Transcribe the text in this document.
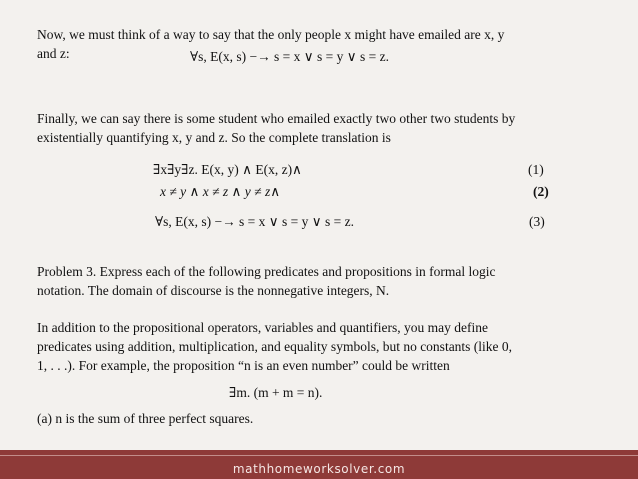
Now, we must think of a way to say that the only people x might have emailed are x, y
and z:	∀s, E(x, s) −→ s = x ∨ s = y ∨ s = z.
Finally, we can say there is some student who emailed exactly two other two students by
existentially quantifying x, y and z. So the complete translation is
∃x∃y∃z. E(x, y) ∧ E(x, z)∧	(1)
x ≠ y ∧ x ≠ z ∧ y ≠ z∧	(2)
∀s, E(x, s) −→ s = x ∨ s = y ∨ s = z.	(3)
Problem 3. Express each of the following predicates and propositions in formal logic
notation. The domain of discourse is the nonnegative integers, N.
In addition to the propositional operators, variables and quantifiers, you may define
predicates using addition, multiplication, and equality symbols, but no constants (like 0,
1, . . .). For example, the proposition “n is an even number” could be written
∃m. (m + m = n).
(a) n is the sum of three perfect squares.
mathhomeworksolver.com
